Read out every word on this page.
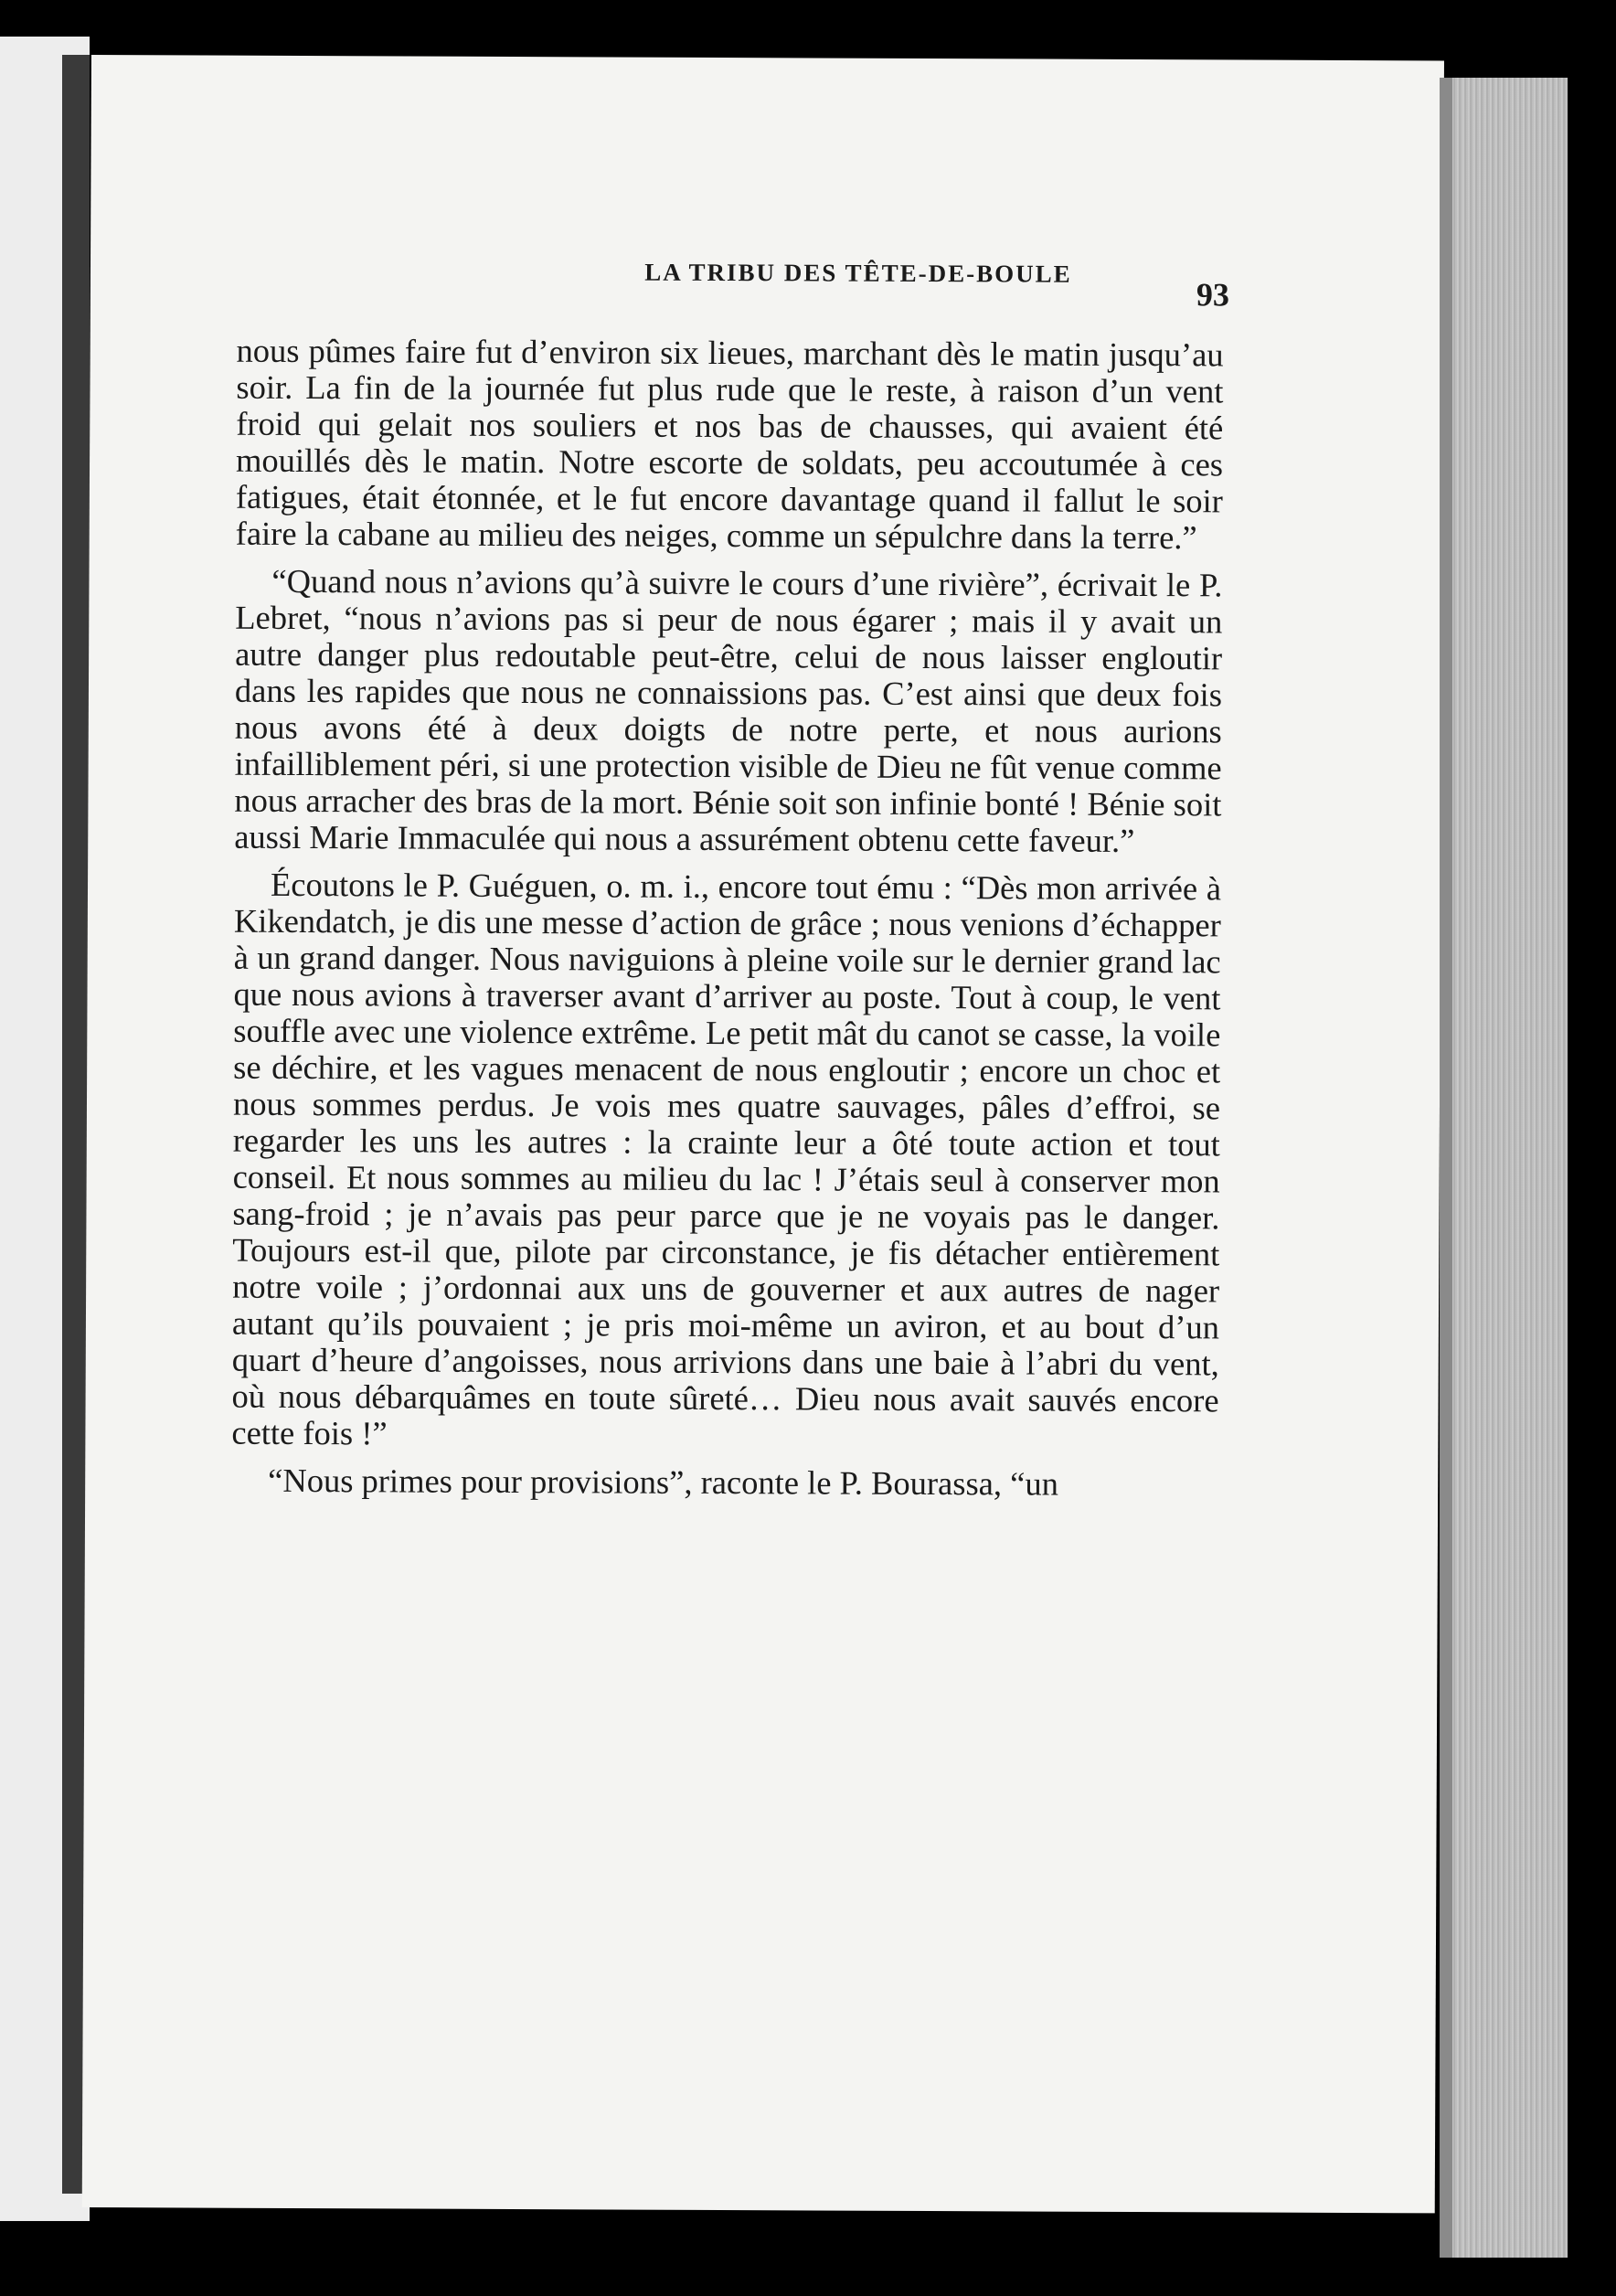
LA TRIBU DES TÊTE-DE-BOULE
93

nous pûmes faire fut d’environ six lieues, marchant dès le matin jusqu’au soir. La fin de la journée fut plus rude que le reste, à raison d’un vent froid qui gelait nos souliers et nos bas de chausses, qui avaient été mouillés dès le matin. Notre escorte de soldats, peu accoutumée à ces fatigues, était étonnée, et le fut encore davantage quand il fallut le soir faire la cabane au milieu des neiges, comme un sépulchre dans la terre.”

“Quand nous n’avions qu’à suivre le cours d’une rivière”, écrivait le P. Lebret, “nous n’avions pas si peur de nous égarer ; mais il y avait un autre danger plus redoutable peut-être, celui de nous laisser engloutir dans les rapides que nous ne connaissions pas. C’est ainsi que deux fois nous avons été à deux doigts de notre perte, et nous aurions infailliblement péri, si une protection visible de Dieu ne fût venue comme nous arracher des bras de la mort. Bénie soit son infinie bonté ! Bénie soit aussi Marie Immaculée qui nous a assurément obtenu cette faveur.”

Écoutons le P. Guéguen, o. m. i., encore tout ému : “Dès mon arrivée à Kikendatch, je dis une messe d’action de grâce ; nous venions d’échapper à un grand danger. Nous naviguions à pleine voile sur le dernier grand lac que nous avions à traverser avant d’arriver au poste. Tout à coup, le vent souffle avec une violence extrême. Le petit mât du canot se casse, la voile se déchire, et les vagues menacent de nous engloutir ; encore un choc et nous sommes perdus. Je vois mes quatre sauvages, pâles d’effroi, se regarder les uns les autres : la crainte leur a ôté toute action et tout conseil. Et nous sommes au milieu du lac ! J’étais seul à conserver mon sang-froid ; je n’avais pas peur parce que je ne voyais pas le danger. Toujours est-il que, pilote par circonstance, je fis détacher entièrement notre voile ; j’ordonnai aux uns de gouverner et aux autres de nager autant qu’ils pouvaient ; je pris moi-même un aviron, et au bout d’un quart d’heure d’angoisses, nous arrivions dans une baie à l’abri du vent, où nous débarquâmes en toute sûreté… Dieu nous avait sauvés encore cette fois !”

“Nous primes pour provisions”, raconte le P. Bourassa, “un
